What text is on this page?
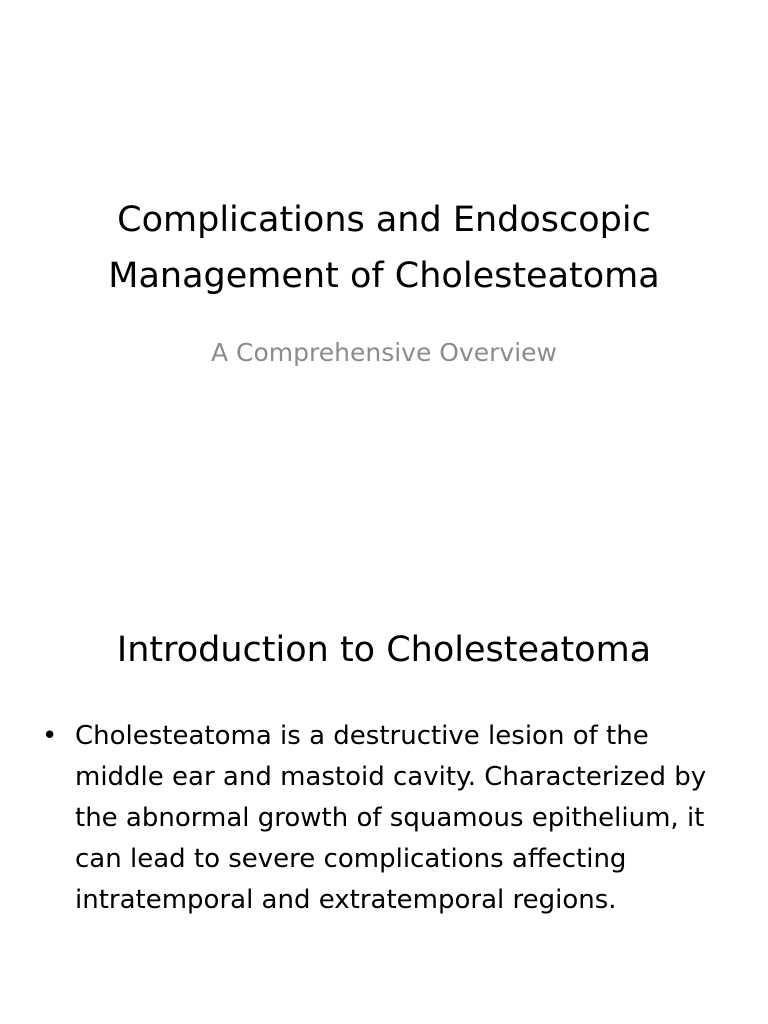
Complications and Endoscopic Management of Cholesteatoma

A Comprehensive Overview

Introduction to Cholesteatoma
• Cholesteatoma is a destructive lesion of the middle ear and mastoid cavity. Characterized by the abnormal growth of squamous epithelium, it can lead to severe complications affecting intratemporal and extratemporal regions.
